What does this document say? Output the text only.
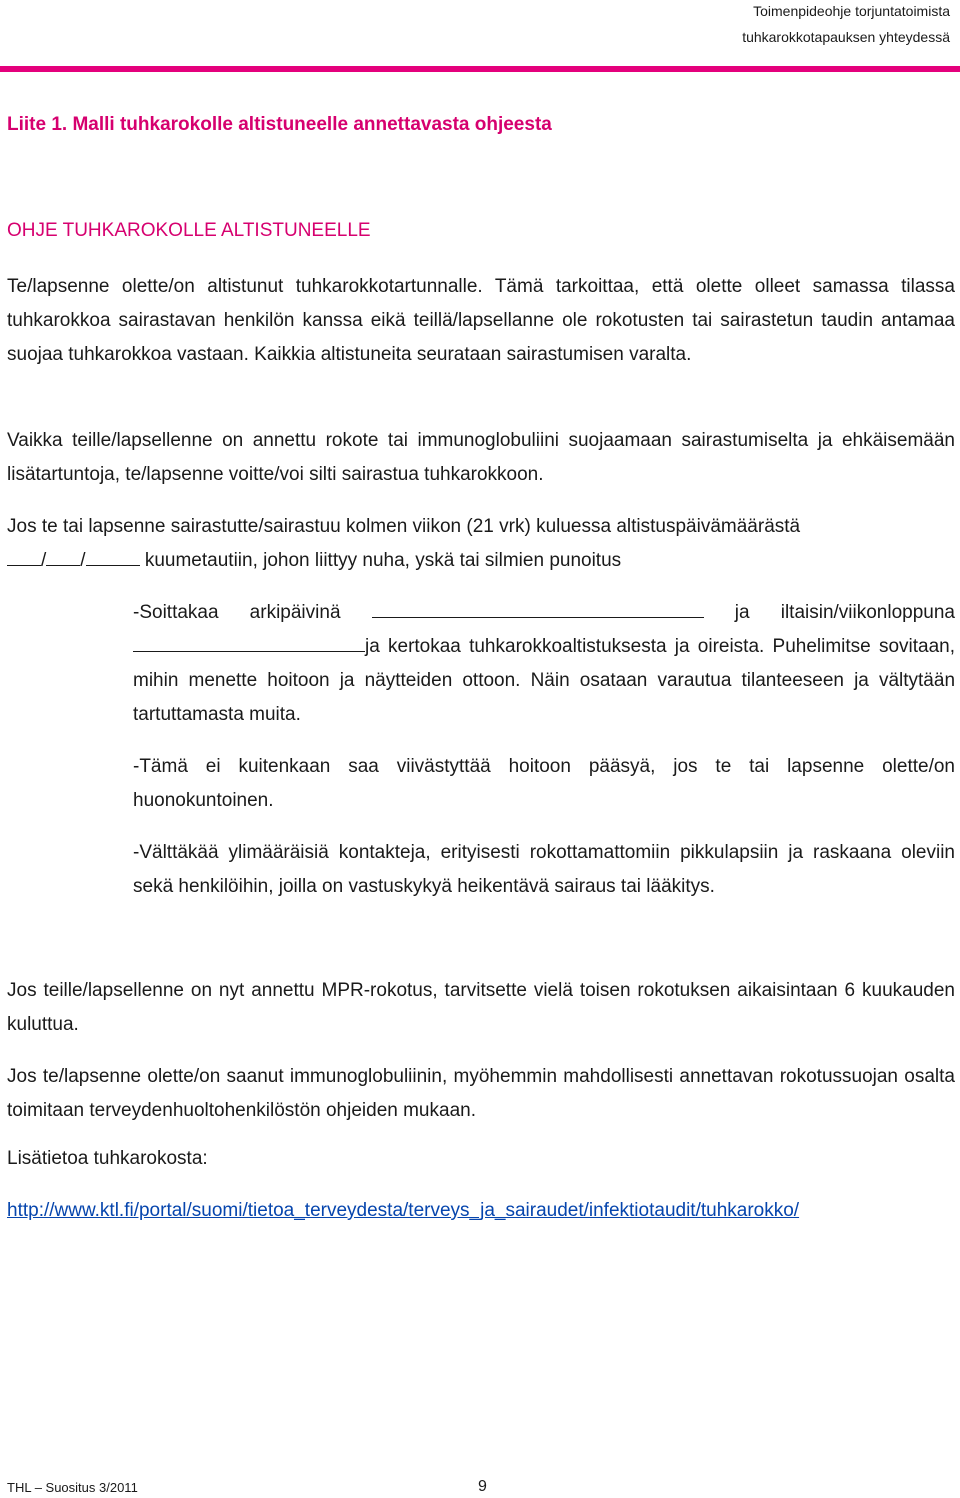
Toimenpideohje torjuntatoimista
tuhkarokkotapauksen yhteydessä
Liite 1. Malli tuhkarokolle altistuneelle annettavasta ohjeesta
OHJE TUHKAROKOLLE ALTISTUNEELLE
Te/lapsenne olette/on altistunut tuhkarokkotartunnalle. Tämä tarkoittaa, että olette olleet samassa tilassa tuhkarokkoa sairastavan henkilön kanssa eikä teillä/lapsellanne ole rokotusten tai sairastetun taudin antamaa suojaa tuhkarokkoa vastaan. Kaikkia altistuneita seurataan sairastumisen varalta.
Vaikka teille/lapsellenne on annettu rokote tai immunoglobuliini suojaamaan sairastumiselta ja ehkäisemään lisätartuntoja, te/lapsenne voitte/voi silti sairastua tuhkarokkoon.
Jos te tai lapsenne sairastutte/sairastuu kolmen viikon (21 vrk) kuluessa altistuspäivämäärästä
/ /	kuumetautiin, johon liittyy nuha, yskä tai silmien punoitus
-Soittakaa arkipäivinä	ja iltaisin/viikonloppuna ja kertokaa tuhkarokkoaltistuksesta ja oireista. Puhelimitse sovitaan, mihin menette hoitoon ja näytteiden ottoon. Näin osataan varautua tilanteeseen ja vältytään tartuttamasta muita.
-Tämä ei kuitenkaan saa viivästyttää hoitoon pääsyä, jos te tai lapsenne olette/on huonokuntoinen.
-Välttäkää ylimääräisiä kontakteja, erityisesti rokottamattomiin pikkulapsiin ja raskaana oleviin sekä henkilöihin, joilla on vastuskykyä heikentävä sairaus tai lääkitys.
Jos teille/lapsellenne on nyt annettu MPR-rokotus, tarvitsette vielä toisen rokotuksen aikaisintaan 6 kuukauden kuluttua.
Jos te/lapsenne olette/on saanut immunoglobuliinin, myöhemmin mahdollisesti annettavan rokotussuojan osalta toimitaan terveydenhuoltohenkilöstön ohjeiden mukaan.
Lisätietoa tuhkarokosta:
http://www.ktl.fi/portal/suomi/tietoa_terveydesta/terveys_ja_sairaudet/infektiotaudit/tuhkarokko/
THL – Suositus 3/2011	9
